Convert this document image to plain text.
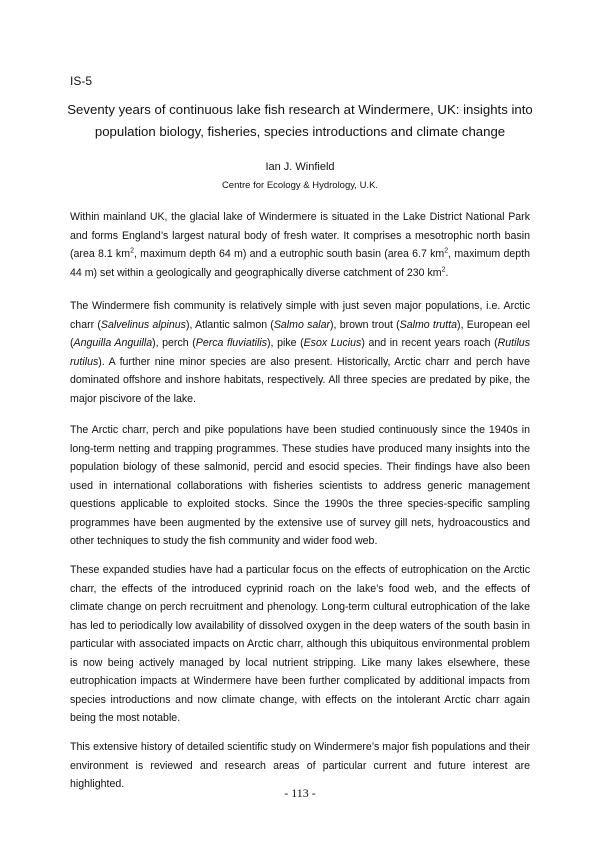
IS-5
Seventy years of continuous lake fish research at Windermere, UK: insights into population biology, fisheries, species introductions and climate change
Ian J. Winfield
Centre for Ecology & Hydrology, U.K.

Within mainland UK, the glacial lake of Windermere is situated in the Lake District National Park and forms England’s largest natural body of fresh water. It comprises a mesotrophic north basin (area 8.1 $km^2$, maximum depth 64 m) and a eutrophic south basin (area 6.7 $km^2$, maximum depth 44 m) set within a geologically and geographically diverse catchment of 230 $km^2$.

The Windermere fish community is relatively simple with just seven major populations, i.e. Arctic charr (Salvelinus alpinus), Atlantic salmon (Salmo salar), brown trout (Salmo trutta), European eel (Anguilla Anguilla), perch (Perca fluviatilis), pike (Esox Lucius) and in recent years roach (Rutilus rutilus). A further nine minor species are also present. Historically, Arctic charr and perch have dominated offshore and inshore habitats, respectively. All three species are predated by pike, the major piscivore of the lake.

The Arctic charr, perch and pike populations have been studied continuously since the 1940s in long-term netting and trapping programmes. These studies have produced many insights into the population biology of these salmonid, percid and esocid species. Their findings have also been used in international collaborations with fisheries scientists to address generic management questions applicable to exploited stocks. Since the 1990s the three species-specific sampling programmes have been augmented by the extensive use of survey gill nets, hydroacoustics and other techniques to study the fish community and wider food web.

These expanded studies have had a particular focus on the effects of eutrophication on the Arctic charr, the effects of the introduced cyprinid roach on the lake’s food web, and the effects of climate change on perch recruitment and phenology. Long-term cultural eutrophication of the lake has led to periodically low availability of dissolved oxygen in the deep waters of the south basin in particular with associated impacts on Arctic charr, although this ubiquitous environmental problem is now being actively managed by local nutrient stripping. Like many lakes elsewhere, these eutrophication impacts at Windermere have been further complicated by additional impacts from species introductions and now climate change, with effects on the intolerant Arctic charr again being the most notable.

This extensive history of detailed scientific study on Windermere’s major fish populations and their environment is reviewed and research areas of particular current and future interest are highlighted.

- 113 -
